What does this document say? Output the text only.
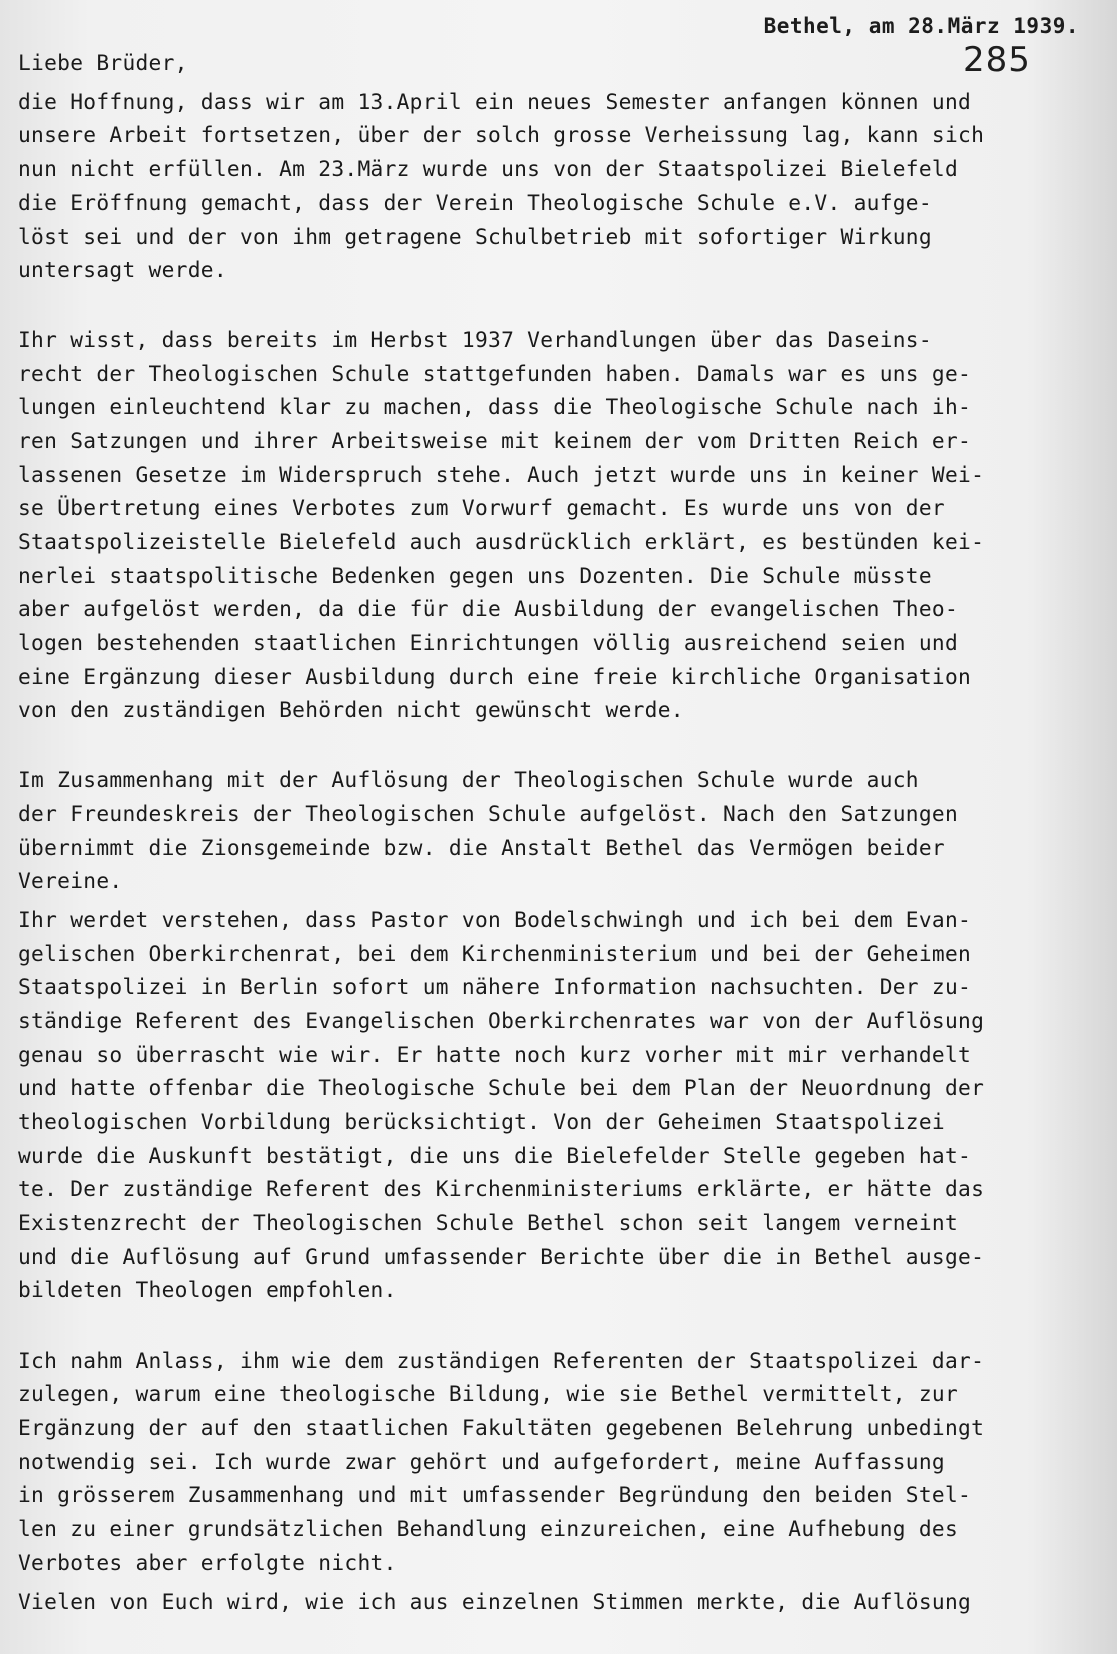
Bethel, am 28.März 1939.
285
Liebe Brüder,
die Hoffnung, dass wir am 13.April ein neues Semester anfangen können und
unsere Arbeit fortsetzen, über der solch grosse Verheissung lag, kann sich
nun nicht erfüllen. Am 23.März wurde uns von der Staatspolizei Bielefeld
die Eröffnung gemacht, dass der Verein Theologische Schule e.V. aufge-
löst sei und der von ihm getragene Schulbetrieb mit sofortiger Wirkung
untersagt werde.
Ihr wisst, dass bereits im Herbst 1937 Verhandlungen über das Daseins-
recht der Theologischen Schule stattgefunden haben. Damals war es uns ge-
lungen einleuchtend klar zu machen, dass die Theologische Schule nach ih-
ren Satzungen und ihrer Arbeitsweise mit keinem der vom Dritten Reich er-
lassenen Gesetze im Widerspruch stehe. Auch jetzt wurde uns in keiner Wei-
se Übertretung eines Verbotes zum Vorwurf gemacht. Es wurde uns von der
Staatspolizeistelle Bielefeld auch ausdrücklich erklärt, es bestünden kei-
nerlei staatspolitische Bedenken gegen uns Dozenten. Die Schule müsste
aber aufgelöst werden, da die für die Ausbildung der evangelischen Theo-
logen bestehenden staatlichen Einrichtungen völlig ausreichend seien und
eine Ergänzung dieser Ausbildung durch eine freie kirchliche Organisation
von den zuständigen Behörden nicht gewünscht werde.
Im Zusammenhang mit der Auflösung der Theologischen Schule wurde auch
der Freundeskreis der Theologischen Schule aufgelöst. Nach den Satzungen
übernimmt die Zionsgemeinde bzw. die Anstalt Bethel das Vermögen beider
Vereine.
Ihr werdet verstehen, dass Pastor von Bodelschwingh und ich bei dem Evan-
gelischen Oberkirchenrat, bei dem Kirchenministerium und bei der Geheimen
Staatspolizei in Berlin sofort um nähere Information nachsuchten. Der zu-
ständige Referent des Evangelischen Oberkirchenrates war von der Auflösung
genau so überrascht wie wir. Er hatte noch kurz vorher mit mir verhandelt
und hatte offenbar die Theologische Schule bei dem Plan der Neuordnung der
theologischen Vorbildung berücksichtigt. Von der Geheimen Staatspolizei
wurde die Auskunft bestätigt, die uns die Bielefelder Stelle gegeben hat-
te. Der zuständige Referent des Kirchenministeriums erklärte, er hätte das
Existenzrecht der Theologischen Schule Bethel schon seit langem verneint
und die Auflösung auf Grund umfassender Berichte über die in Bethel ausge-
bildeten Theologen empfohlen.
Ich nahm Anlass, ihm wie dem zuständigen Referenten der Staatspolizei dar-
zulegen, warum eine theologische Bildung, wie sie Bethel vermittelt, zur
Ergänzung der auf den staatlichen Fakultäten gegebenen Belehrung unbedingt
notwendig sei. Ich wurde zwar gehört und aufgefordert, meine Auffassung
in grösserem Zusammenhang und mit umfassender Begründung den beiden Stel-
len zu einer grundsätzlichen Behandlung einzureichen, eine Aufhebung des
Verbotes aber erfolgte nicht.
Vielen von Euch wird, wie ich aus einzelnen Stimmen merkte, die Auflösung
